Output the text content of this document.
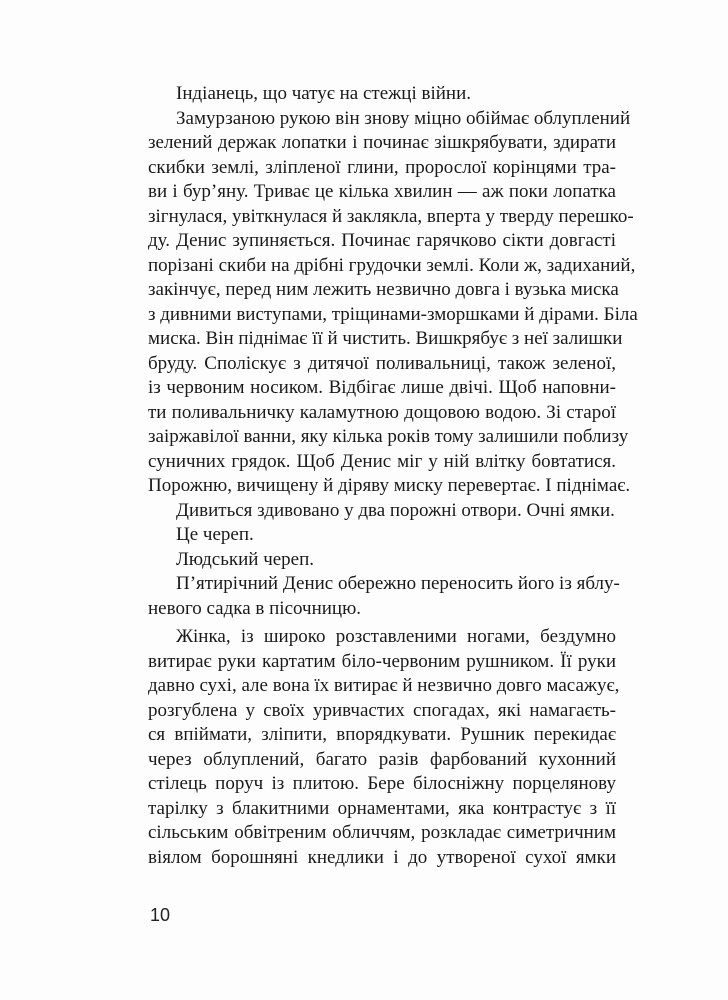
Індіанець, що чатує на стежці війни.
Замурзаною рукою він знову міцно обіймає облуплений
зелений держак лопатки і починає зішкрябувати, здирати
скибки землі, зліпленої глини, пророслої корінцями тра-
ви і бур’яну. Триває це кілька хвилин — аж поки лопатка
зігнулася, увіткнулася й заклякла, вперта у тверду перешко-
ду. Денис зупиняється. Починає гарячково сікти довгасті
порізані скиби на дрібні грудочки землі. Коли ж, задиханий,
закінчує, перед ним лежить незвично довга і вузька миска
з дивними виступами, тріщинами-зморшками й дірами. Біла
миска. Він піднімає її й чистить. Вишкрябує з неї залишки
бруду. Споліскує з дитячої поливальниці, також зеленої,
із червоним носиком. Відбігає лише двічі. Щоб наповни-
ти поливальничку каламутною дощовою водою. Зі старої
заіржавілої ванни, яку кілька років тому залишили поблизу
суничних грядок. Щоб Денис міг у ній влітку бовтатися.
Порожню, вичищену й діряву миску перевертає. І піднімає.
Дивиться здивовано у два порожні отвори. Очні ямки.
Це череп.
Людський череп.
П’ятирічний Денис обережно переносить його із яблу-
невого садка в пісочницю.
Жінка, із широко розставленими ногами, бездумно
витирає руки картатим біло-червоним рушником. Її руки
давно сухі, але вона їх витирає й незвично довго масажує,
розгублена у своїх уривчастих спогадах, які намагаєть-
ся впіймати, зліпити, впорядкувати. Рушник перекидає
через облуплений, багато разів фарбований кухонний
стілець поруч із плитою. Бере білосніжну порцелянову
тарілку з блакитними орнаментами, яка контрастує з її
сільським обвітреним обличчям, розкладає симетричним
віялом борошняні кнедлики і до утвореної сухої ямки
10
